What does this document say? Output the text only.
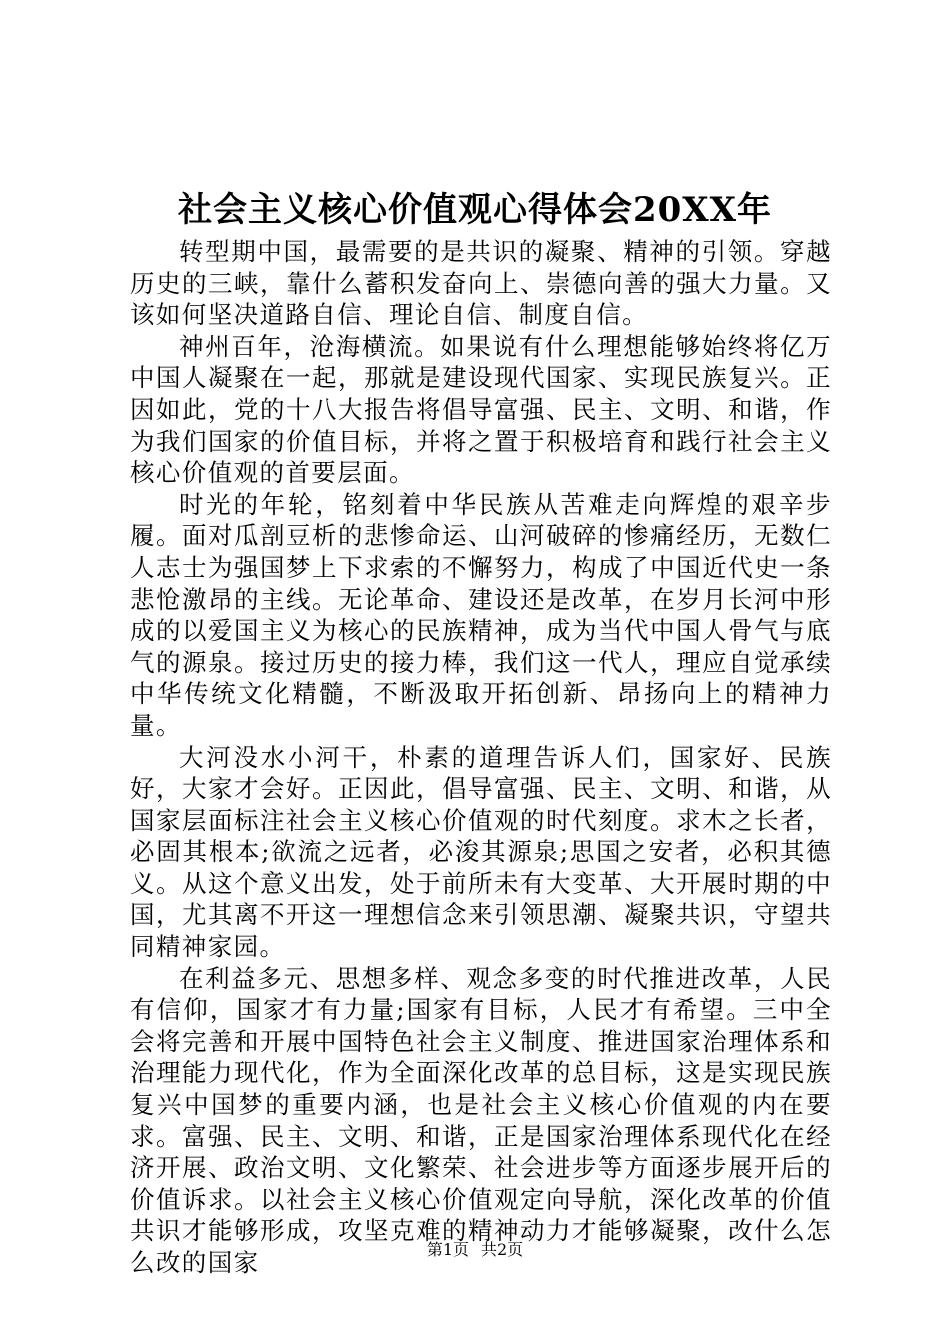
社会主义核心价值观心得体会20XX年

转型期中国，最需要的是共识的凝聚、精神的引领。穿越历史的三峡，靠什么蓄积发奋向上、崇德向善的强大力量。又该如何坚决道路自信、理论自信、制度自信。

神州百年，沧海横流。如果说有什么理想能够始终将亿万中国人凝聚在一起，那就是建设现代国家、实现民族复兴。正因如此，党的十八大报告将倡导富强、民主、文明、和谐，作为我们国家的价值目标，并将之置于积极培育和践行社会主义核心价值观的首要层面。

时光的年轮，铭刻着中华民族从苦难走向辉煌的艰辛步履。面对瓜剖豆析的悲惨命运、山河破碎的惨痛经历，无数仁人志士为强国梦上下求索的不懈努力，构成了中国近代史一条悲怆激昂的主线。无论革命、建设还是改革，在岁月长河中形成的以爱国主义为核心的民族精神，成为当代中国人骨气与底气的源泉。接过历史的接力棒，我们这一代人，理应自觉承续中华传统文化精髓，不断汲取开拓创新、昂扬向上的精神力量。

大河没水小河干，朴素的道理告诉人们，国家好、民族好，大家才会好。正因此，倡导富强、民主、文明、和谐，从国家层面标注社会主义核心价值观的时代刻度。求木之长者，必固其根本;欲流之远者，必浚其源泉;思国之安者，必积其德义。从这个意义出发，处于前所未有大变革、大开展时期的中国，尤其离不开这一理想信念来引领思潮、凝聚共识，守望共同精神家园。

在利益多元、思想多样、观念多变的时代推进改革，人民有信仰，国家才有力量;国家有目标，人民才有希望。三中全会将完善和开展中国特色社会主义制度、推进国家治理体系和治理能力现代化，作为全面深化改革的总目标，这是实现民族复兴中国梦的重要内涵，也是社会主义核心价值观的内在要求。富强、民主、文明、和谐，正是国家治理体系现代化在经济开展、政治文明、文化繁荣、社会进步等方面逐步展开后的价值诉求。以社会主义核心价值观定向导航，深化改革的价值共识才能够形成，攻坚克难的精神动力才能够凝聚，改什么怎么改的国家	第1页 共2页
